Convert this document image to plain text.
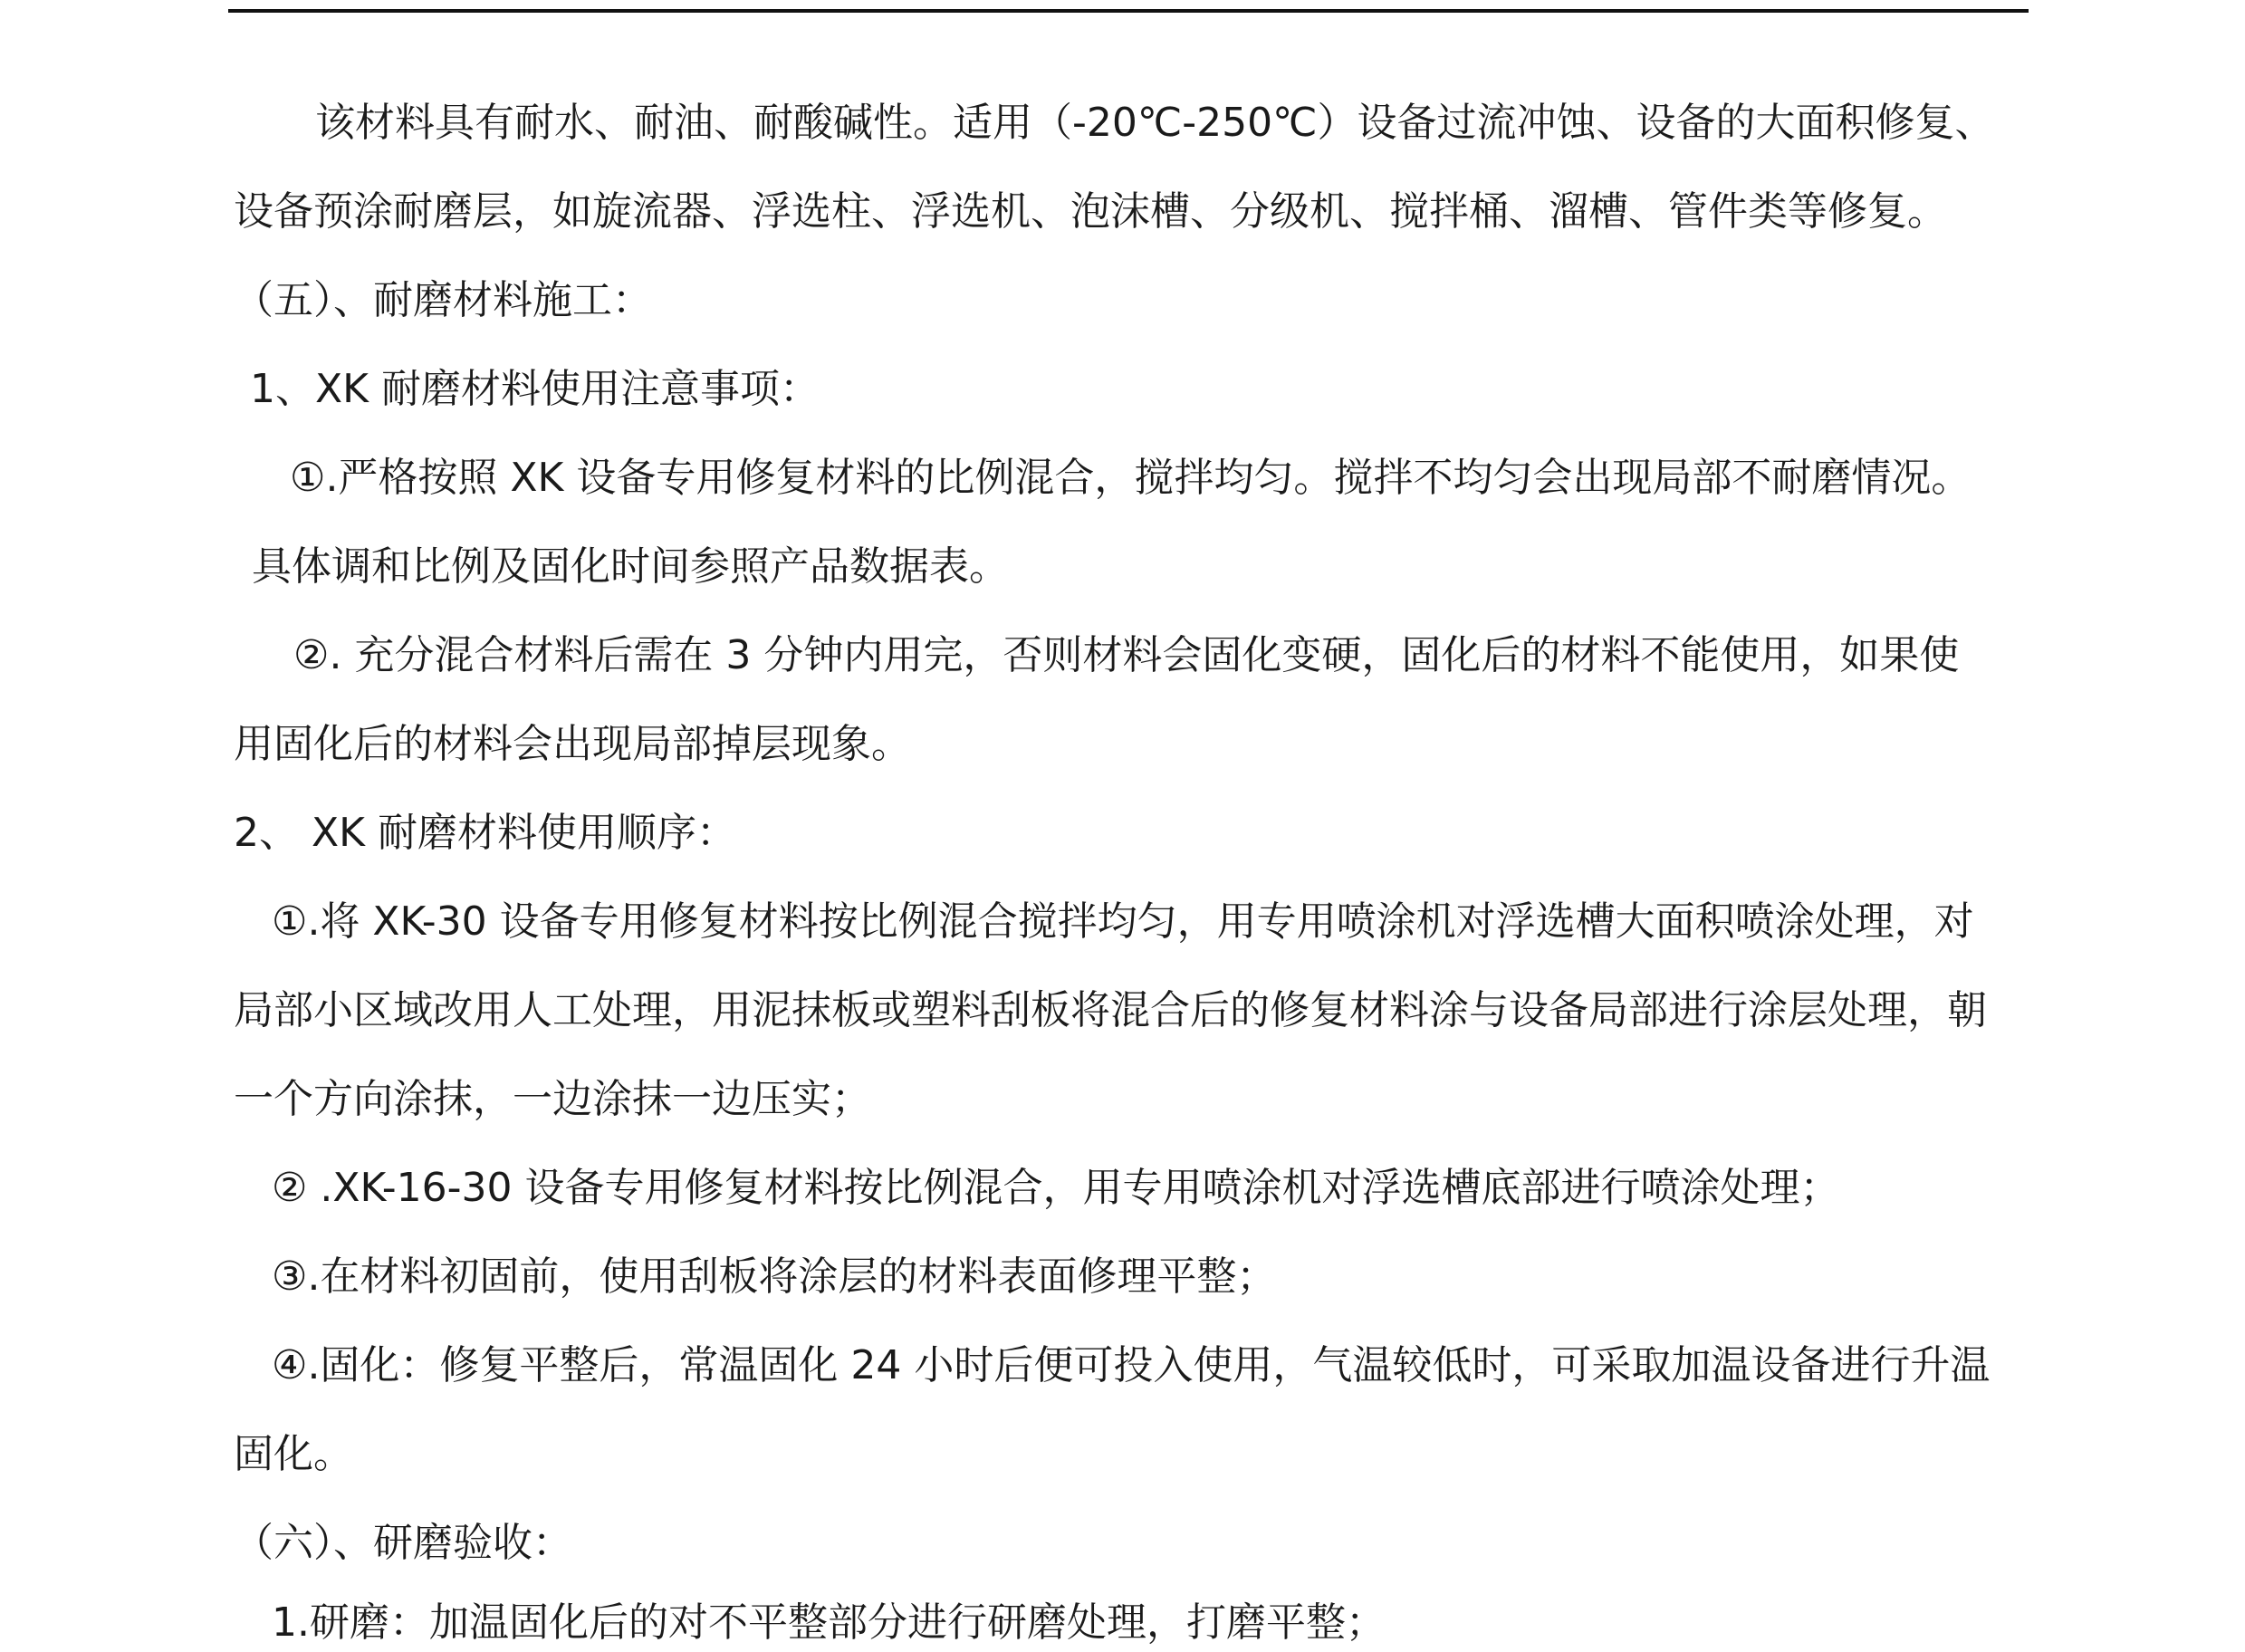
该材料具有耐水、耐油、耐酸碱性。适用（-20℃-250℃）设备过流冲蚀、设备的大面积修复、
设备预涂耐磨层，如旋流器、浮选柱、浮选机、泡沫槽、分级机、搅拌桶、溜槽、管件类等修复。
（五）、耐磨材料施工：
1、XK 耐磨材料使用注意事项：
①.严格按照 XK 设备专用修复材料的比例混合，搅拌均匀。搅拌不均匀会出现局部不耐磨情况。
具体调和比例及固化时间参照产品数据表。
②. 充分混合材料后需在 3 分钟内用完，否则材料会固化变硬，固化后的材料不能使用，如果使
用固化后的材料会出现局部掉层现象。
2、 XK 耐磨材料使用顺序：
①.将 XK-30 设备专用修复材料按比例混合搅拌均匀，用专用喷涂机对浮选槽大面积喷涂处理，对
局部小区域改用人工处理，用泥抹板或塑料刮板将混合后的修复材料涂与设备局部进行涂层处理，朝
一个方向涂抹，一边涂抹一边压实；
② .XK-16-30 设备专用修复材料按比例混合，用专用喷涂机对浮选槽底部进行喷涂处理；
③.在材料初固前，使用刮板将涂层的材料表面修理平整；
④.固化：修复平整后，常温固化 24 小时后便可投入使用，气温较低时，可采取加温设备进行升温
固化。
（六）、研磨验收：
1.研磨：加温固化后的对不平整部分进行研磨处理，打磨平整；
